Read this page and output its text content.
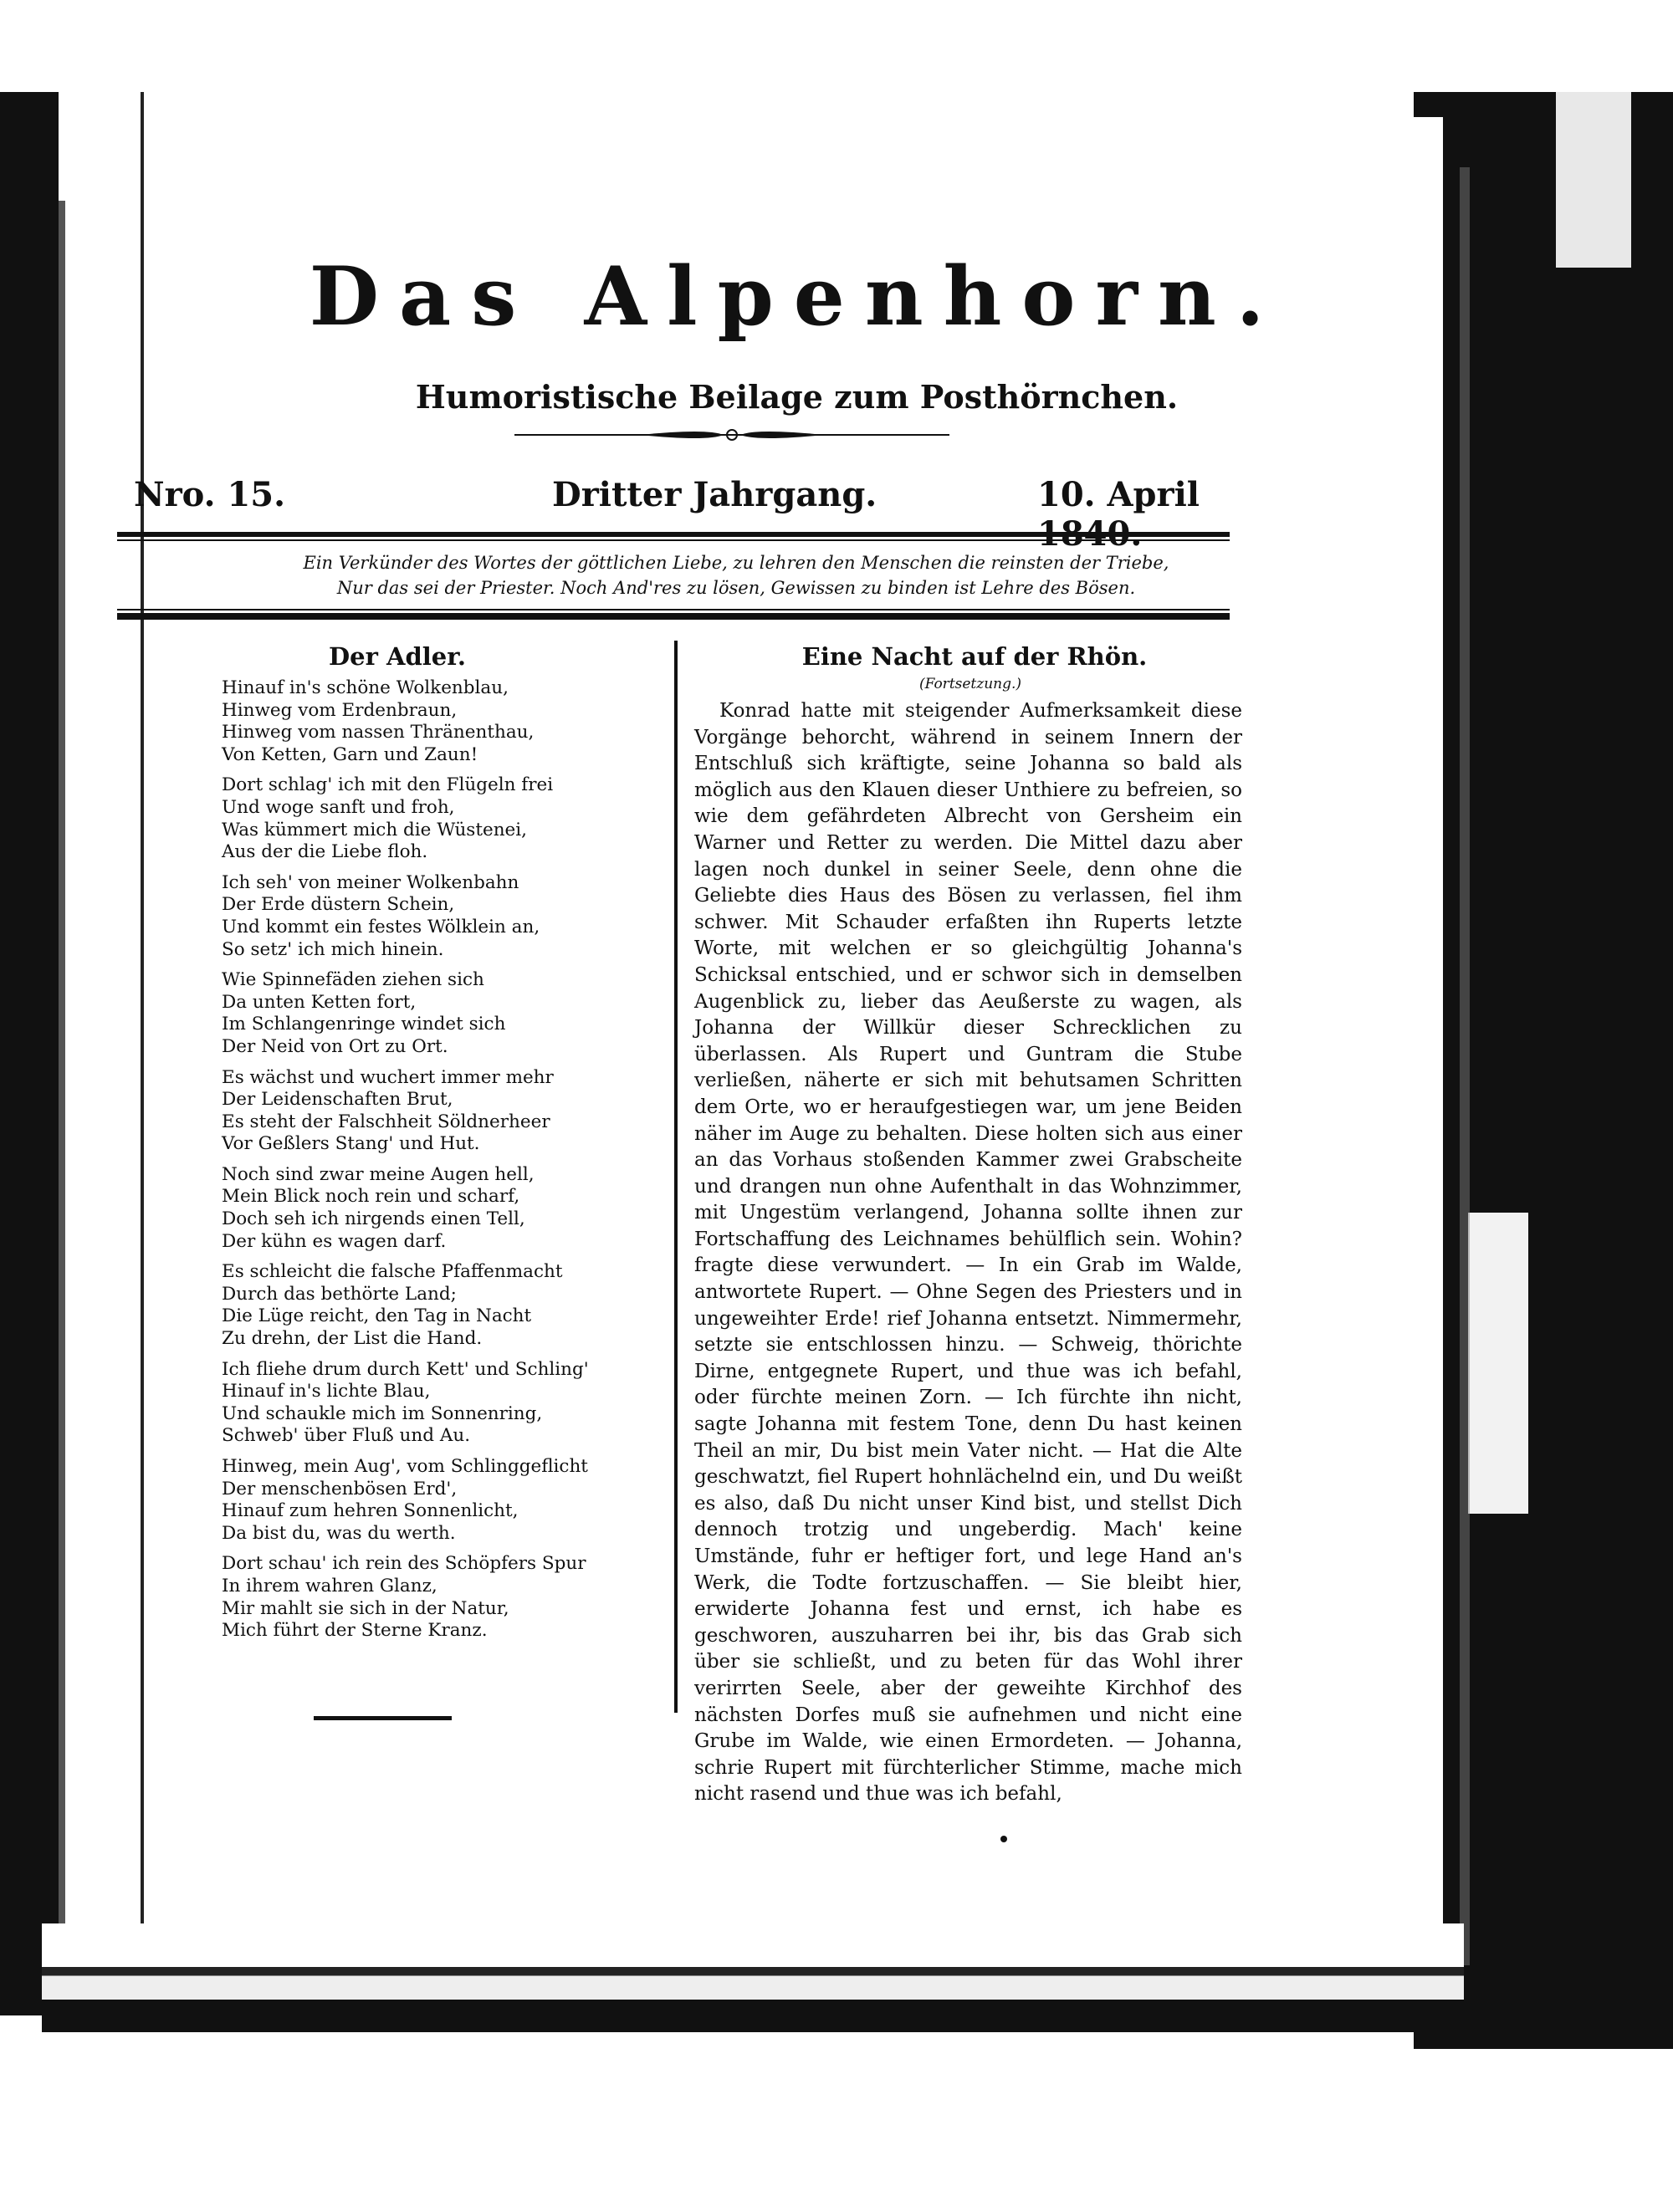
Das Alpenhorn.
Humoristische Beilage zum Posthörnchen.
Nro. 15.	Dritter Jahrgang.	10. April
Ein Verkünder des Wortes der göttlichen Liebe, zu lehren den Menschen die reinsten der Triebe,
Nur das sei der Priester. Noch And'res zu lösen, Gewissen zu binden ist Lehre des Bösen.
Der Adler.
Hinauf in's schöne Wolkenblau,
Hinweg vom Erdenbraun,
Hinweg vom nassen Thränenthau,
Von Ketten, Garn und Zaun!
Dort schlag' ich mit den Flügeln frei
Und woge sanft und froh,
Was kümmert mich die Wüstenei,
Aus der die Liebe floh.
Ich seh' von meiner Wolkenbahn
Der Erde düstern Schein,
Und kommt ein festes Wölklein an,
So setz' ich mich hinein.
Wie Spinnefäden ziehen sich
Da unten Ketten fort,
Im Schlangenringe windet sich
Der Neid von Ort zu Ort.
Es wächst und wuchert immer mehr
Der Leidenschaften Brut,
Es steht der Falschheit Söldnerheer
Vor Geßlers Stang' und Hut.
Noch sind zwar meine Augen hell,
Mein Blick noch rein und scharf,
Doch seh ich nirgends einen Tell,
Der kühn es wagen darf.
Es schleicht die falsche Pfaffenmacht
Durch das bethörte Land;
Die Lüge reicht, den Tag in Nacht
Zu drehn, der List die Hand.
Ich fliehe drum durch Kett' und Schling'
Hinauf in's lichte Blau,
Und schaukle mich im Sonnenring,
Schweb' über Fluß und Au.
Hinweg, mein Aug', vom Schlinggeflicht
Der menschenbösen Erd',
Hinauf zum hehren Sonnenlicht,
Da bist du, was du werth.
Dort schau' ich rein des Schöpfers Spur
In ihrem wahren Glanz,
Mir mahlt sie sich in der Natur,
Mich führt der Sterne Kranz.
Eine Nacht auf der Rhön.
(Fortsetzung.)
Konrad hatte mit steigender Aufmerksamkeit diese Vorgänge behorcht, während in seinem Innern der Entschluß sich kräftigte, seine Johanna so bald als möglich aus den Klauen dieser Unthiere zu befreien, so wie dem gefährdeten Albrecht von Gersheim ein Warner und Retter zu werden. Die Mittel dazu aber lagen noch dunkel in seiner Seele, denn ohne die Geliebte dies Haus des Bösen zu verlassen, fiel ihm schwer. Mit Schauder erfaßten ihn Ruperts letzte Worte, mit welchen er so gleichgültig Johanna's Schicksal entschied, und er schwor sich in demselben Augenblick zu, lieber das Aeußerste zu wagen, als Johanna der Willkür dieser Schrecklichen zu überlassen. Als Rupert und Guntram die Stube verließen, näherte er sich mit behutsamen Schritten dem Orte, wo er heraufgestiegen war, um jene Beiden näher im Auge zu behalten. Diese holten sich aus einer an das Vorhaus stoßenden Kammer zwei Grabscheite und drangen nun ohne Aufenthalt in das Wohnzimmer, mit Ungestüm verlangend, Johanna sollte ihnen zur Fortschaffung des Leichnames behülflich sein. Wohin? fragte diese verwundert. — In ein Grab im Walde, antwortete Rupert. — Ohne Segen des Priesters und in ungeweihter Erde! rief Johanna entsetzt. Nimmermehr, setzte sie entschlossen hinzu. — Schweig, thörichte Dirne, entgegnete Rupert, und thue was ich befahl, oder fürchte meinen Zorn. — Ich fürchte ihn nicht, sagte Johanna mit festem Tone, denn Du hast keinen Theil an mir, Du bist mein Vater nicht. — Hat die Alte geschwatzt, fiel Rupert hohnlächelnd ein, und Du weißt es also, daß Du nicht unser Kind bist, und stellst Dich dennoch trotzig und ungeberdig. Mach' keine Umstände, fuhr er heftiger fort, und lege Hand an's Werk, die Todte fortzuschaffen. — Sie bleibt hier, erwiderte Johanna fest und ernst, ich habe es geschworen, auszuharren bei ihr, bis das Grab sich über sie schließt, und zu beten für das Wohl ihrer verirrten Seele, aber der geweihte Kirchhof des nächsten Dorfes muß sie aufnehmen und nicht eine Grube im Walde, wie einen Ermordeten. — Johanna, schrie Rupert mit fürchterlicher Stimme, mache mich nicht rasend und thue was ich befahl,
